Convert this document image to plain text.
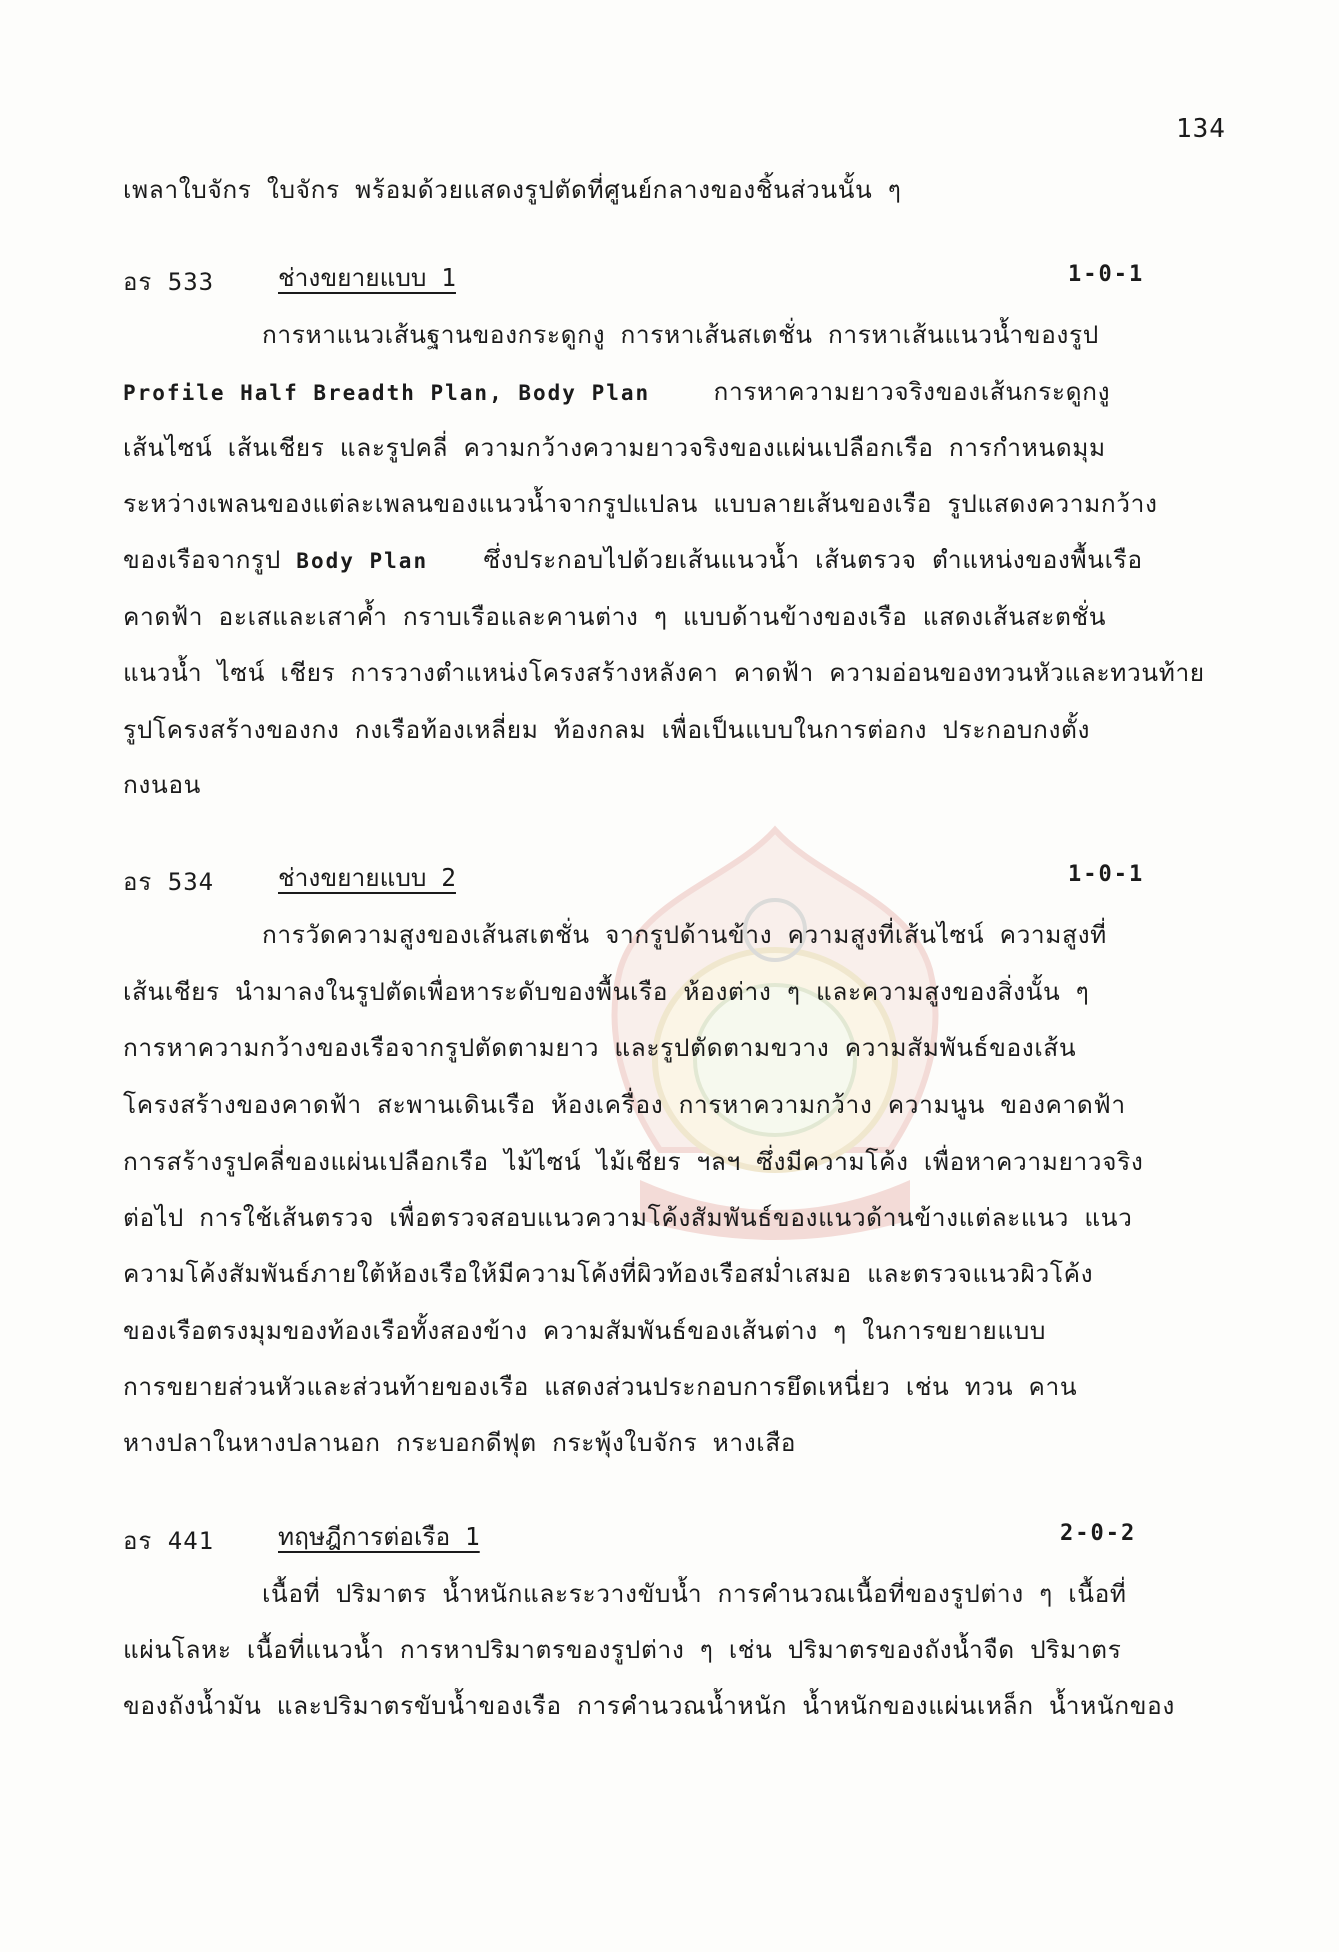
134
เพลาใบจักร ใบจักร พร้อมด้วยแสดงรูปตัดที่ศูนย์กลางของชิ้นส่วนนั้น ๆ
อร 533	ช่างขยายแบบ 1	1-0-1
การหาแนวเส้นฐานของกระดูกงู การหาเส้นสเตชั่น การหาเส้นแนวน้ำของรูป
Profile Half Breadth Plan, Body Plan	การหาความยาวจริงของเส้นกระดูกงู
เส้นไซน์ เส้นเชียร และรูปคลี่ ความกว้างความยาวจริงของแผ่นเปลือกเรือ การกำหนดมุม
ระหว่างเพลนของแต่ละเพลนของแนวน้ำจากรูปแปลน แบบลายเส้นของเรือ รูปแสดงความกว้าง
ของเรือจากรูป Body Plan ซึ่งประกอบไปด้วยเส้นแนวน้ำ เส้นตรวจ ตำแหน่งของพื้นเรือ
คาดฟ้า อะเสและเสาค้ำ กราบเรือและคานต่าง ๆ แบบด้านข้างของเรือ แสดงเส้นสะตชั่น
แนวน้ำ ไซน์ เชียร การวางตำแหน่งโครงสร้างหลังคา คาดฟ้า ความอ่อนของทวนหัวและทวนท้าย
รูปโครงสร้างของกง กงเรือท้องเหลี่ยม ท้องกลม เพื่อเป็นแบบในการต่อกง ประกอบกงตั้ง
กงนอน
อร 534	ช่างขยายแบบ 2	1-0-1
การวัดความสูงของเส้นสเตชั่น จากรูปด้านข้าง ความสูงที่เส้นไซน์ ความสูงที่
เส้นเชียร นำมาลงในรูปตัดเพื่อหาระดับของพื้นเรือ ห้องต่าง ๆ และความสูงของสิ่งนั้น ๆ
การหาความกว้างของเรือจากรูปตัดตามยาว และรูปตัดตามขวาง ความสัมพันธ์ของเส้น
โครงสร้างของคาดฟ้า สะพานเดินเรือ ห้องเครื่อง การหาความกว้าง ความนูน ของคาดฟ้า
การสร้างรูปคลี่ของแผ่นเปลือกเรือ ไม้ไซน์ ไม้เชียร ฯลฯ ซึ่งมีความโค้ง เพื่อหาความยาวจริง
ต่อไป การใช้เส้นตรวจ เพื่อตรวจสอบแนวความโค้งสัมพันธ์ของแนวด้านข้างแต่ละแนว แนว
ความโค้งสัมพันธ์ภายใต้ห้องเรือให้มีความโค้งที่ผิวท้องเรือสม่ำเสมอ และตรวจแนวผิวโค้ง
ของเรือตรงมุมของท้องเรือทั้งสองข้าง ความสัมพันธ์ของเส้นต่าง ๆ ในการขยายแบบ
การขยายส่วนหัวและส่วนท้ายของเรือ แสดงส่วนประกอบการยึดเหนี่ยว เช่น ทวน คาน
หางปลาในหางปลานอก กระบอกดีฟุต กระพุ้งใบจักร หางเสือ
อร 441	ทฤษฎีการต่อเรือ 1	2-0-2
เนื้อที่ ปริมาตร น้ำหนักและระวางขับน้ำ การคำนวณเนื้อที่ของรูปต่าง ๆ เนื้อที่
แผ่นโลหะ เนื้อที่แนวน้ำ การหาปริมาตรของรูปต่าง ๆ เช่น ปริมาตรของถังน้ำจืด ปริมาตร
ของถังน้ำมัน และปริมาตรขับน้ำของเรือ การคำนวณน้ำหนัก น้ำหนักของแผ่นเหล็ก น้ำหนักของ
